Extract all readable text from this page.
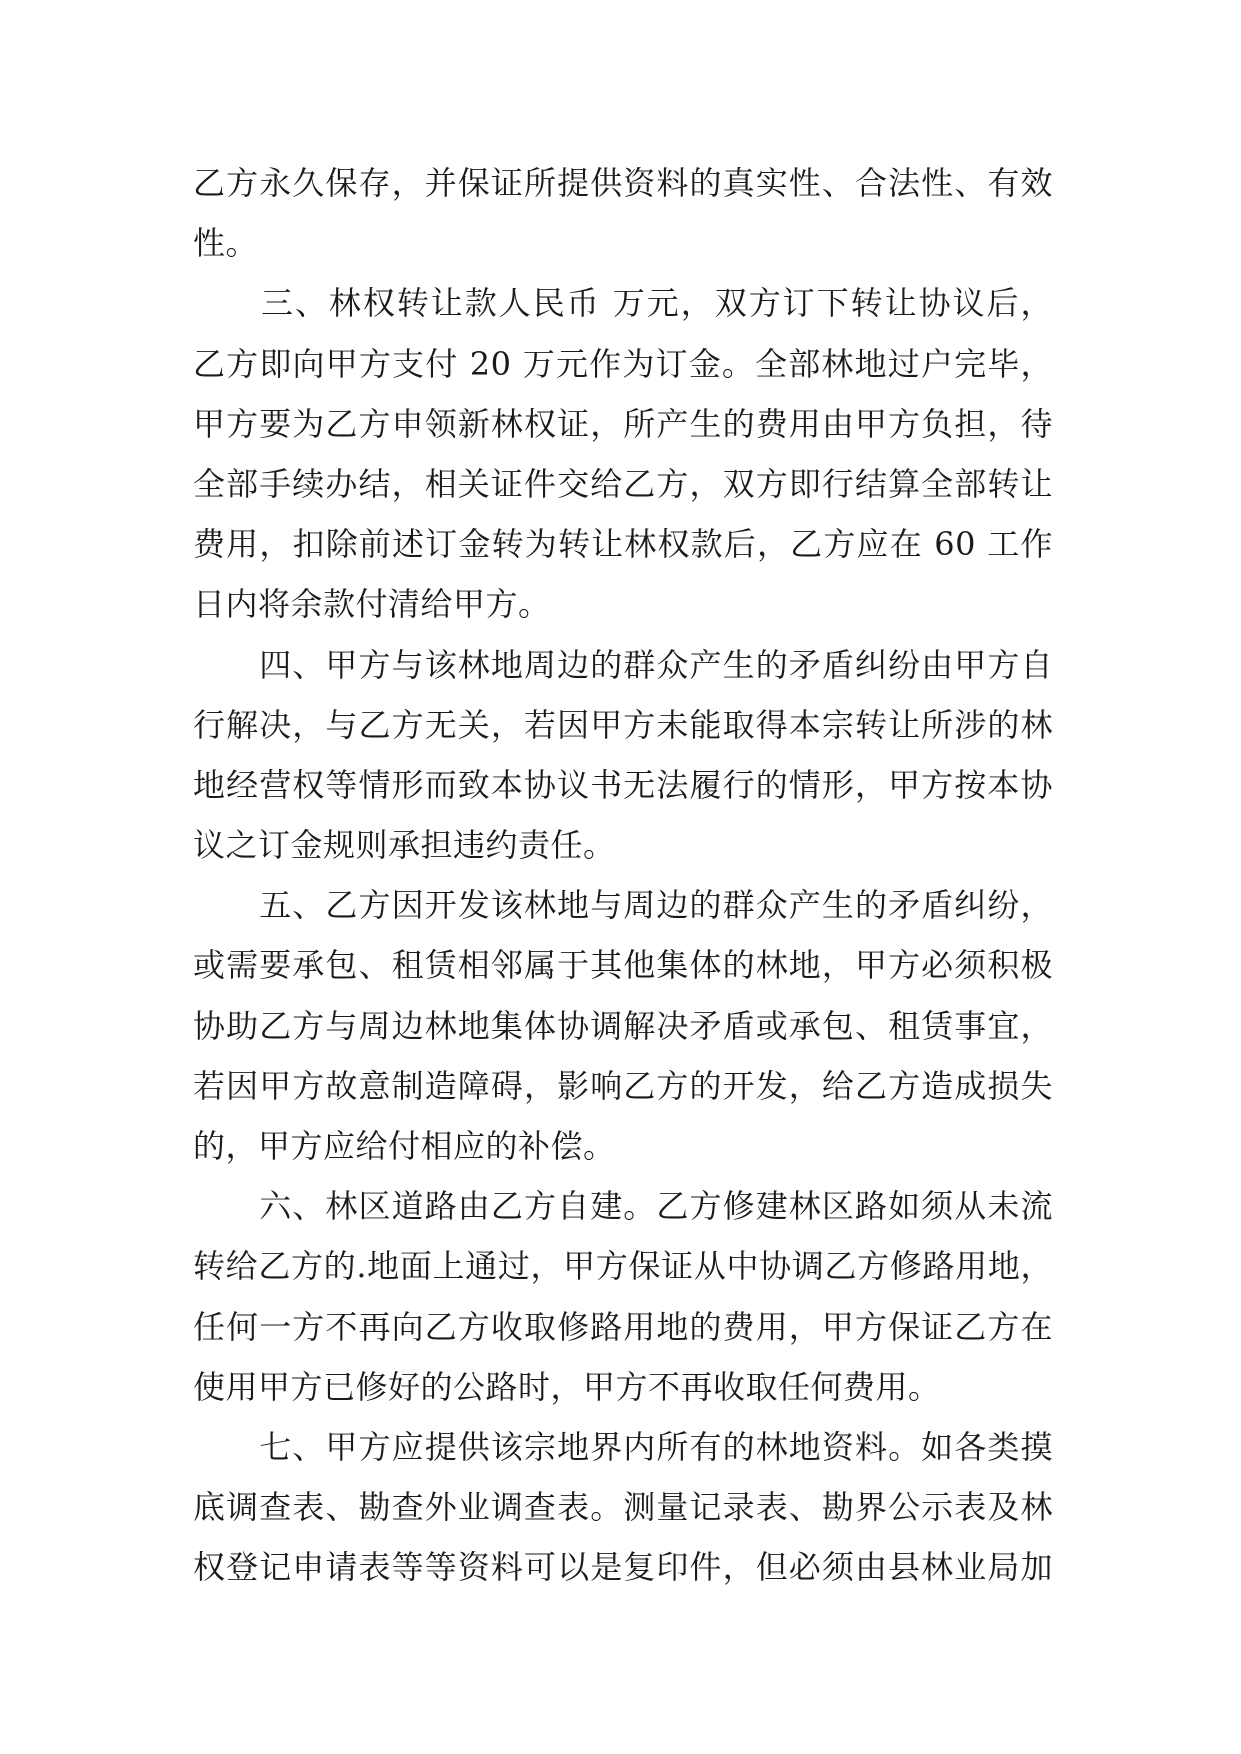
乙方永久保存，并保证所提供资料的真实性、合法性、有效
性。
　　三、林权转让款人民币 万元，双方订下转让协议后，
乙方即向甲方支付 20 万元作为订金。全部林地过户完毕，
甲方要为乙方申领新林权证，所产生的费用由甲方负担，待
全部手续办结，相关证件交给乙方，双方即行结算全部转让
费用，扣除前述订金转为转让林权款后，乙方应在 60 工作
日内将余款付清给甲方。
　　四、甲方与该林地周边的群众产生的矛盾纠纷由甲方自
行解决，与乙方无关，若因甲方未能取得本宗转让所涉的林
地经营权等情形而致本协议书无法履行的情形，甲方按本协
议之订金规则承担违约责任。
　　五、乙方因开发该林地与周边的群众产生的矛盾纠纷，
或需要承包、租赁相邻属于其他集体的林地，甲方必须积极
协助乙方与周边林地集体协调解决矛盾或承包、租赁事宜，
若因甲方故意制造障碍，影响乙方的开发，给乙方造成损失
的，甲方应给付相应的补偿。
　　六、林区道路由乙方自建。乙方修建林区路如须从未流
转给乙方的.地面上通过，甲方保证从中协调乙方修路用地，
任何一方不再向乙方收取修路用地的费用，甲方保证乙方在
使用甲方已修好的公路时，甲方不再收取任何费用。
　　七、甲方应提供该宗地界内所有的林地资料。如各类摸
底调查表、勘查外业调查表。测量记录表、勘界公示表及林
权登记申请表等等资料可以是复印件，但必须由县林业局加
